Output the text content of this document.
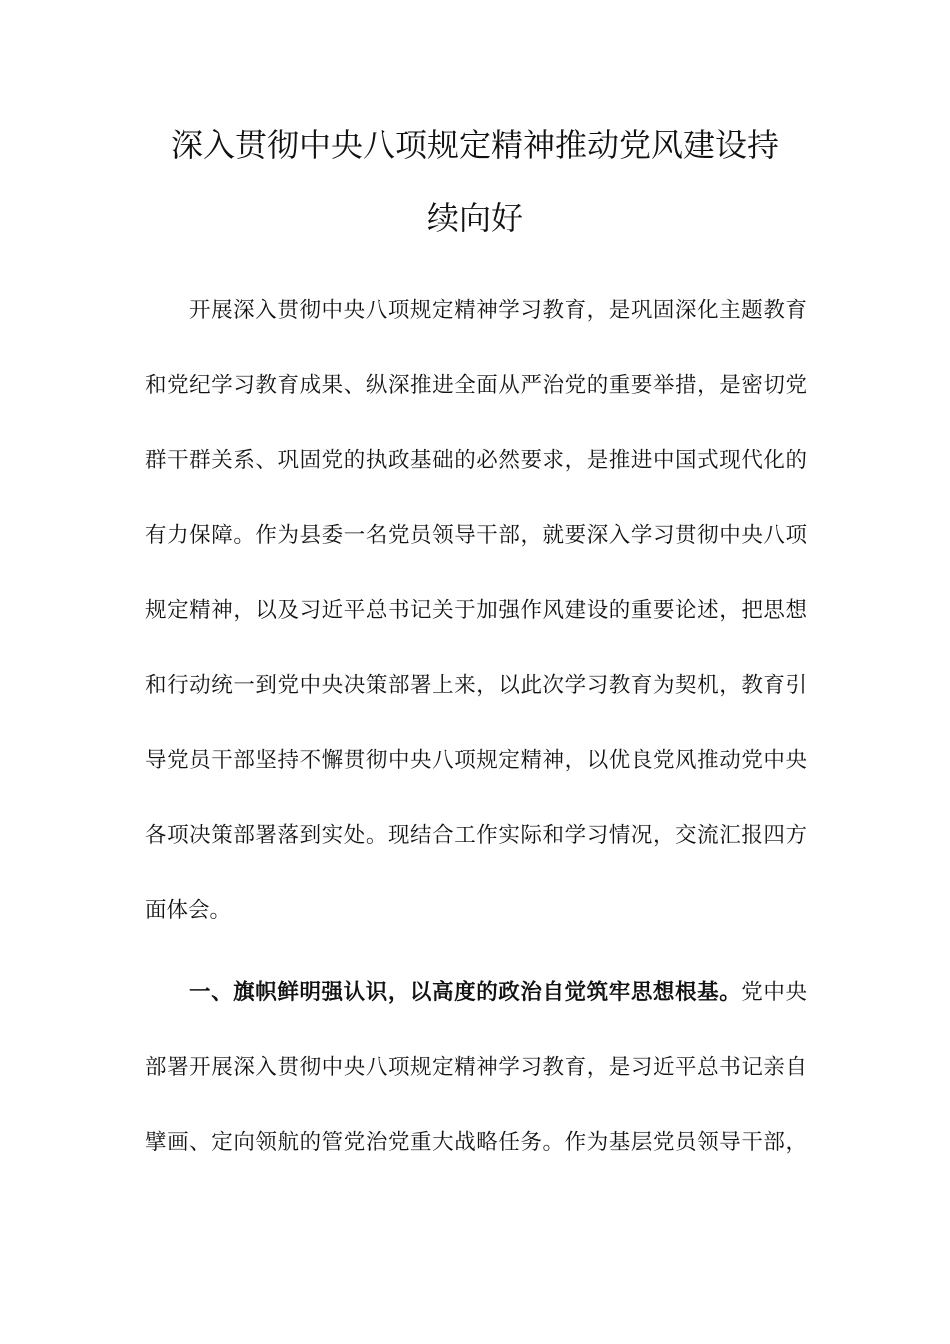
深入贯彻中央八项规定精神推动党风建设持
续向好
开展深入贯彻中央八项规定精神学习教育，是巩固深化主题教育
和党纪学习教育成果、纵深推进全面从严治党的重要举措，是密切党
群干群关系、巩固党的执政基础的必然要求，是推进中国式现代化的
有力保障。作为县委一名党员领导干部，就要深入学习贯彻中央八项
规定精神，以及习近平总书记关于加强作风建设的重要论述，把思想
和行动统一到党中央决策部署上来，以此次学习教育为契机，教育引
导党员干部坚持不懈贯彻中央八项规定精神，以优良党风推动党中央
各项决策部署落到实处。现结合工作实际和学习情况，交流汇报四方
面体会。
一、旗帜鲜明强认识，以高度的政治自觉筑牢思想根基。党中央
部署开展深入贯彻中央八项规定精神学习教育，是习近平总书记亲自
擘画、定向领航的管党治党重大战略任务。作为基层党员领导干部，
